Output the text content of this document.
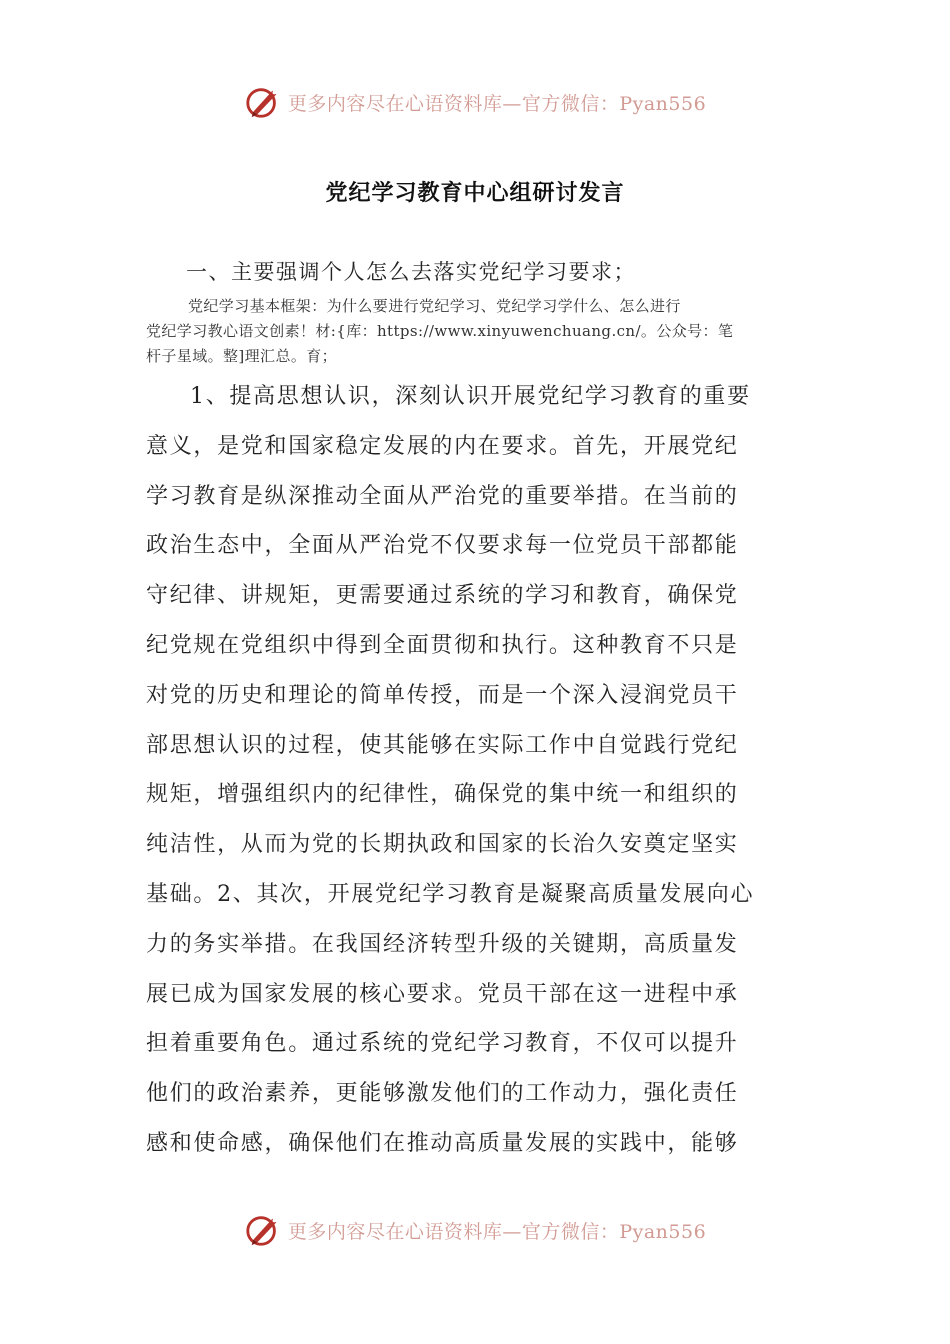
更多内容尽在心语资料库—官方微信：Pyan556
党纪学习教育中心组研讨发言
一、主要强调个人怎么去落实党纪学习要求；
党纪学习基本框架：为什么要进行党纪学习、党纪学习学什么、怎么进行
党纪学习教心语文创素！材:{库：https://www.xinyuwenchuang.cn/。公众号：笔
杆子星域。整]理汇总。育；
1、提高思想认识，深刻认识开展党纪学习教育的重要
意义，是党和国家稳定发展的内在要求。首先，开展党纪
学习教育是纵深推动全面从严治党的重要举措。在当前的
政治生态中，全面从严治党不仅要求每一位党员干部都能
守纪律、讲规矩，更需要通过系统的学习和教育，确保党
纪党规在党组织中得到全面贯彻和执行。这种教育不只是
对党的历史和理论的简单传授，而是一个深入浸润党员干
部思想认识的过程，使其能够在实际工作中自觉践行党纪
规矩，增强组织内的纪律性，确保党的集中统一和组织的
纯洁性，从而为党的长期执政和国家的长治久安奠定坚实
基础。2、其次，开展党纪学习教育是凝聚高质量发展向心
力的务实举措。在我国经济转型升级的关键期，高质量发
展已成为国家发展的核心要求。党员干部在这一进程中承
担着重要角色。通过系统的党纪学习教育，不仅可以提升
他们的政治素养，更能够激发他们的工作动力，强化责任
感和使命感，确保他们在推动高质量发展的实践中，能够
更多内容尽在心语资料库—官方微信：Pyan556
